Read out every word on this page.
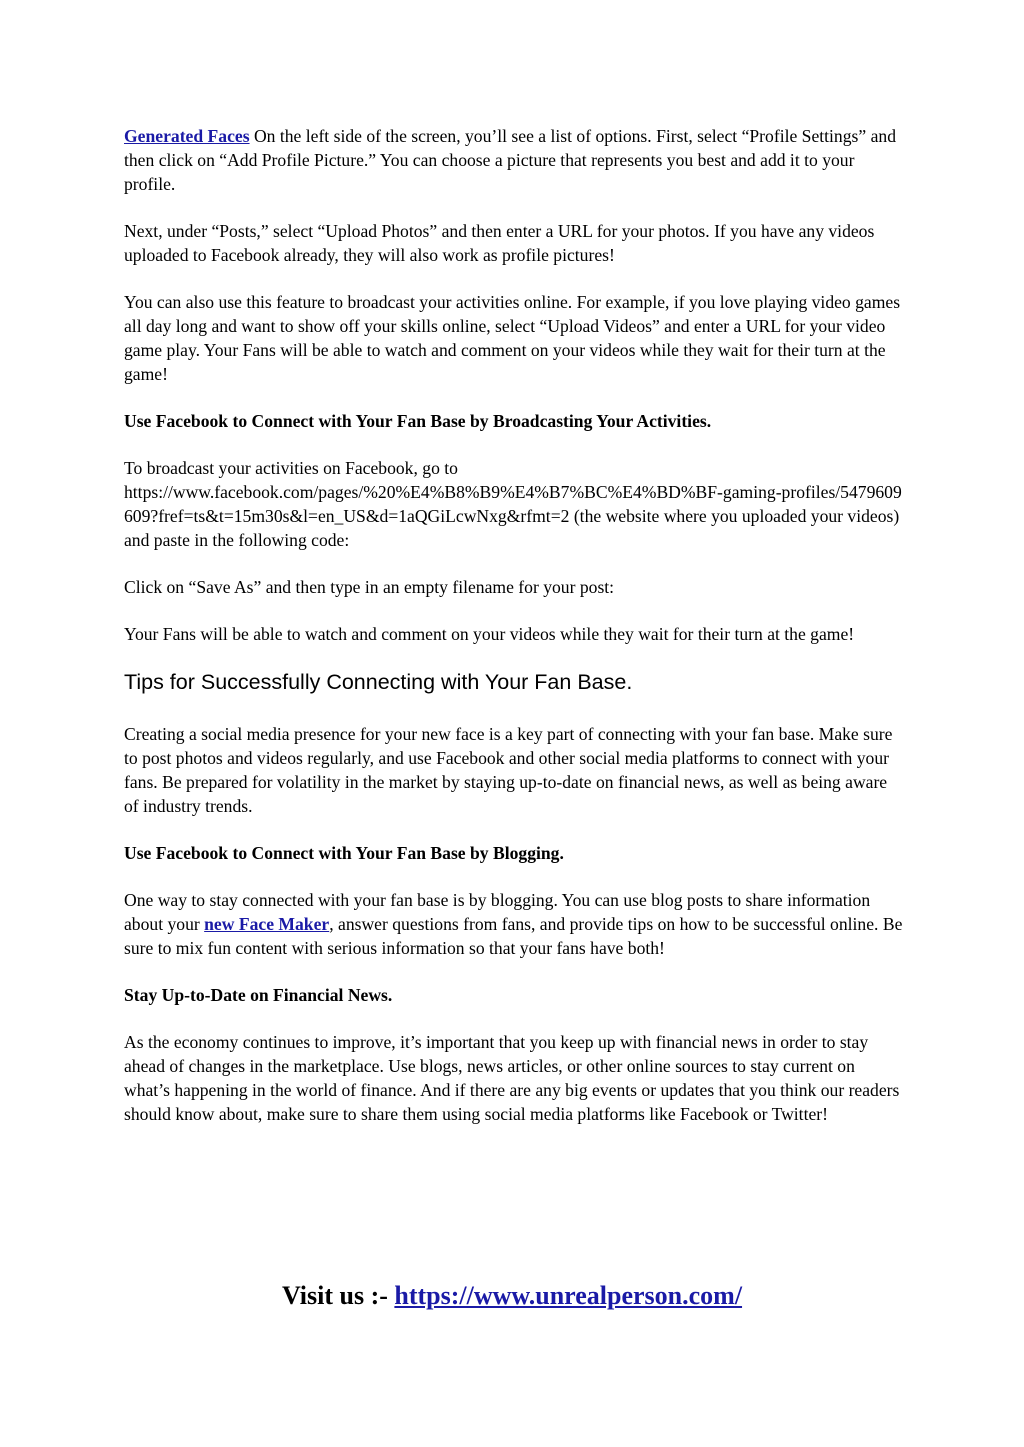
Generated Faces On the left side of the screen, you’ll see a list of options. First, select “Profile Settings” and then click on “Add Profile Picture.” You can choose a picture that represents you best and add it to your profile.

Next, under “Posts,” select “Upload Photos” and then enter a URL for your photos. If you have any videos uploaded to Facebook already, they will also work as profile pictures!

You can also use this feature to broadcast your activities online. For example, if you love playing video games all day long and want to show off your skills online, select “Upload Videos” and enter a URL for your video game play. Your Fans will be able to watch and comment on your videos while they wait for their turn at the game!

Use Facebook to Connect with Your Fan Base by Broadcasting Your Activities.

To broadcast your activities on Facebook, go to
https://www.facebook.com/pages/%20%E4%B8%B9%E4%B7%BC%E4%BD%BF-gaming-profiles/5479609609?fref=ts&t=15m30s&l=en_US&d=1aQGiLcwNxg&rfmt=2 (the website where you uploaded your videos) and paste in the following code:

Click on “Save As” and then type in an empty filename for your post:

Your Fans will be able to watch and comment on your videos while they wait for their turn at the game!

Tips for Successfully Connecting with Your Fan Base.

Creating a social media presence for your new face is a key part of connecting with your fan base. Make sure to post photos and videos regularly, and use Facebook and other social media platforms to connect with your fans. Be prepared for volatility in the market by staying up-to-date on financial news, as well as being aware of industry trends.

Use Facebook to Connect with Your Fan Base by Blogging.

One way to stay connected with your fan base is by blogging. You can use blog posts to share information about your new Face Maker, answer questions from fans, and provide tips on how to be successful online. Be sure to mix fun content with serious information so that your fans have both!

Stay Up-to-Date on Financial News.

As the economy continues to improve, it’s important that you keep up with financial news in order to stay ahead of changes in the marketplace. Use blogs, news articles, or other online sources to stay current on what’s happening in the world of finance. And if there are any big events or updates that you think our readers should know about, make sure to share them using social media platforms like Facebook or Twitter!

Visit us :- https://www.unrealperson.com/
